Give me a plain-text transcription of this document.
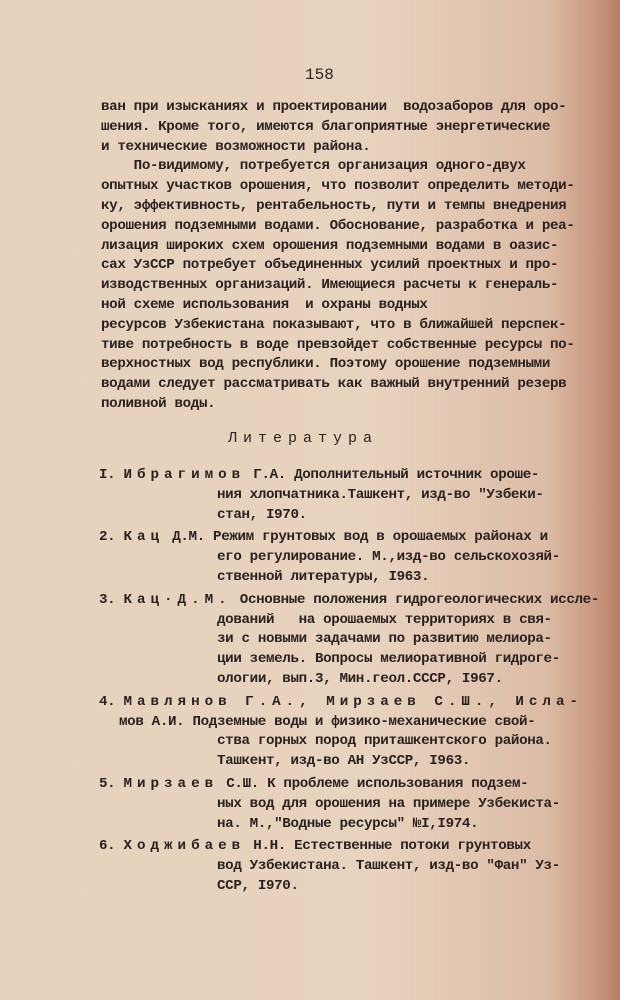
158
ван при изысканиях и проектировании  водозаборов для оро-
шения. Кроме того, имеются благоприятные энергетические
и технические возможности района.
По-видимому, потребуется организация одного-двух
опытных участков орошения, что позволит определить методи-
ку, эффективность, рентабельность, пути и темпы внедрения
орошения подземными водами. Обоснование, разработка и реа-
лизация широких схем орошения подземными водами в оазис-
сах УзССР потребует объединенных усилий проектных и про-
изводственных организаций. Имеющиеся расчеты к генераль-
ной схеме использования  и охраны водных
ресурсов Узбекистана показывают, что в ближайшей перспек-
тиве потребность в воде превзойдет собственные ресурсы по-
верхностных вод республики. Поэтому орошение подземными
водами следует рассматривать как важный внутренний резерв
поливной воды.
Литература
I. Ибрагимов Г.А. Дополнительный источник ороше-
ния хлопчатника.Ташкент, изд-во "Узбеки-
стан, I970.
2. Кац Д.М. Режим грунтовых вод в орошаемых районах и
его регулирование. М.,изд-во сельскохозяй-
ственной литературы, I963.
3. Кац·Д.М. Основные положения гидрогеологических иссле-
дований   на орошаемых территориях в свя-
зи с новыми задачами по развитию мелиора-
ции земель. Вопросы мелиоративной гидроге-
ологии, вып.3, Мин.геол.СССР, I967.
4. Мавлянов Г.А., Мирзаев С.Ш., Исла-
мов А.И. Подземные воды и физико-механические свой-
ства горных пород приташкентского района.
Ташкент, изд-во АН УзССР, I963.
5. Мирзаев С.Ш. К проблеме использования подзем-
ных вод для орошения на примере Узбекиста-
на. М.,"Водные ресурсы" №I,I974.
6. Ходжибаев Н.Н. Естественные потоки грунтовых
вод Узбекистана. Ташкент, изд-во "Фан" Уз-
ССР, I970.
